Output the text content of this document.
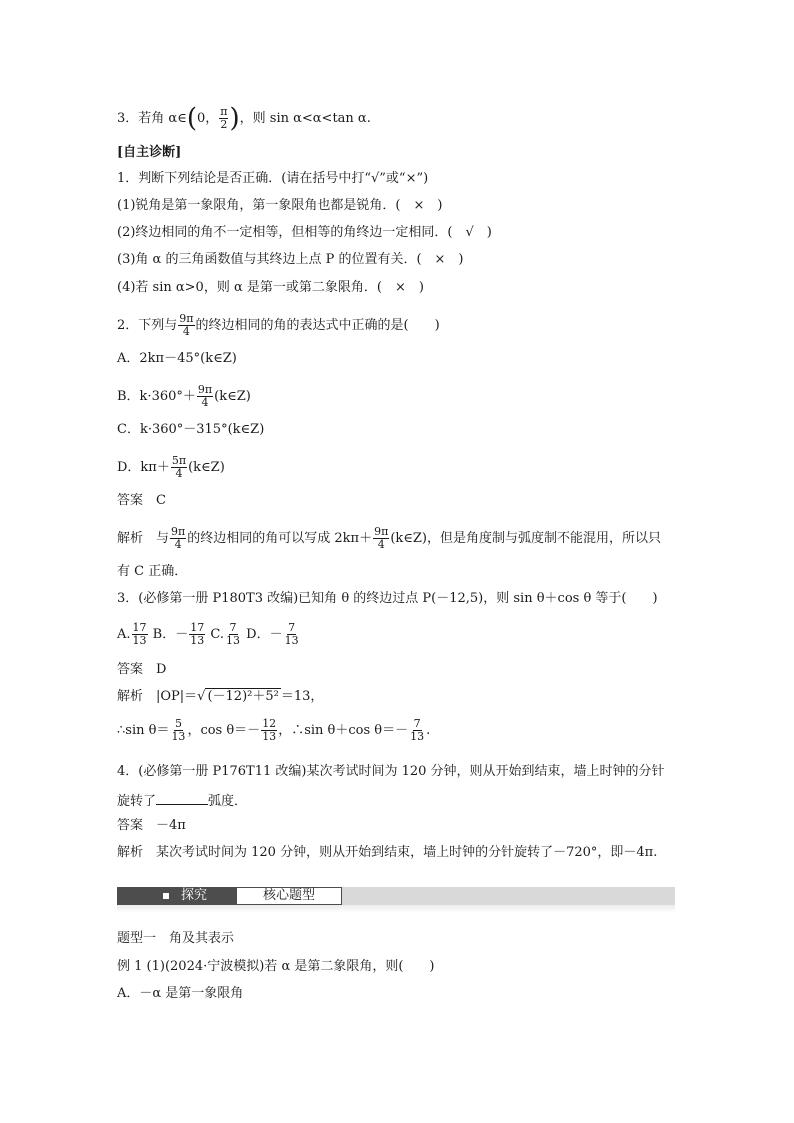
3．若角 α∈(0， $\frac{\pi}{2}$ )，则 sin α<α<tan α.
[自主诊断]
1．判断下列结论是否正确．(请在括号中打“√”或“×”)
(1)锐角是第一象限角，第一象限角也都是锐角．(　×　)
(2)终边相同的角不一定相等，但相等的角终边一定相同．(　√　)
(3)角 α 的三角函数值与其终边上点 P 的位置有关．(　×　)
(4)若 sin α>0，则 α 是第一或第二象限角．(　×　)
2．下列与 $\frac{9\pi}{4}$ 的终边相同的角的表达式中正确的是(　　)
A．2kπ－45°(k∈Z)
B．$k\cdot 360^\circ+ \frac{9\pi}{4}$ (k∈Z)
C．k·360°－315°(k∈Z)
D．$k\pi+ \frac{5\pi}{4}$ (k∈Z)
答案　C
解析　与 $\frac{9\pi}{4}$ 的终边相同的角可以写成 $2k\pi+ \frac{9\pi}{4}$ (k∈Z)，但是角度制与弧度制不能混用，所以只
有 C 正确．
3．(必修第一册 P180T3 改编)已知角 θ 的终边过点 P(－12,5)，则 sin θ＋cos θ 等于(　　)
A. $\frac{17}{13}$ B．－ $\frac{17}{13} C$. $\frac{7}{13}$ D．－ $\frac{7}{13}$
答案　D
解析　|OP|＝√ (－12)²＋5² ＝13，
∴sin $\theta= \frac{5}{13}$ ，$\cos \theta=- \frac{12}{13}$ ，∴sin θ＋cos $\theta=- \frac{7}{13}$ .
4．(必修第一册 P176T11 改编)某次考试时间为 120 分钟，则从开始到结束，墙上时钟的分针
旋转了	弧度．
答案　－4π
解析　某次考试时间为 120 分钟，则从开始到结束，墙上时钟的分针旋转了－720°，即－4π.
探究	核心题型
题型一　角及其表示
例 1 (1)(2024·宁波模拟)若 α 是第二象限角，则(　　)
A．－α 是第一象限角
